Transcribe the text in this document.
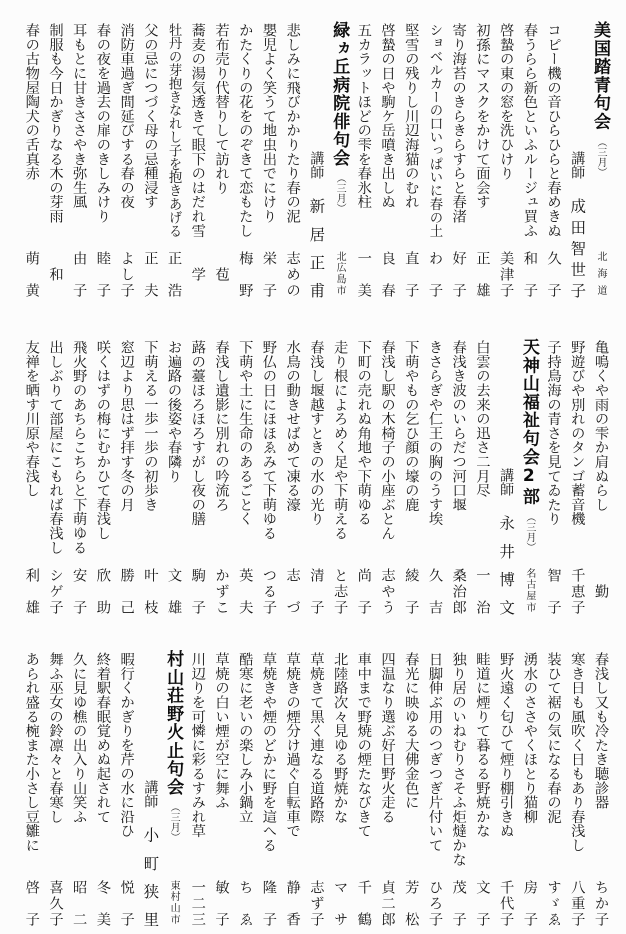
美国踏青句会（三月）
北海道
講師
成田智世子
コピー機の音ひらひらと春めきぬ
久子
春うらら新色といふルージュ買ふ
和子
啓蟄の東の窓を洗ひけり
美津子
初孫にマスクをかけて面会す
正雄
寄り海苔のきらきらすらと春渚
好子
ショベルカーの口いっぱいに春の土
わ子
堅雪の残りし川辺海猫のむれ
直子
啓蟄の日や駒ケ岳噴き出しぬ
良春
五カラットほどの雫を春氷柱
一美
緑ヵ丘病院俳句会（三月）
北広島市
講師
新居正甫
悲しみに飛びかかりたり春の泥
志めの
嬰児よく笑うて地虫出でにけり
栄子
かたくりの花をのぞきて恋もたし
梅野
若布売り代替りして訪れり
苞
蕎麦の湯気透きて眼下のはだれ雪
学
牡丹の芽抱きなれし子を抱きあげる
正浩
父の忌につづく母の忌種浸す
正夫
消防車過ぎ間延びする春の夜
よし子
春の夜を過去の扉のきしみけり
睦子
耳もとに甘きささやき弥生風
由子
制服も今日かぎりなる木の芽雨
和
春の古物屋陶犬の舌真赤
萌黄
亀鳴くや雨の雫か肩ぬらし
勤
野遊びや別れのタンゴ蓄音機
千恵子
子持鳥海の青さを見てゐたり
智子
天神山福祉句会2部（三月）
名古屋市
講師
永井博文
白雲の去来の迅さ二月尽
一治
春浅き波のいらだつ河口堰
桑治郎
きさらぎや仁王の胸のうす埃
久吉
下萌やもの乞ひ顔の壕の鹿
綾子
春浅し駅の木椅子の小座ぶとん
志やう
下町の売れぬ角地や下萌ゆる
尚子
走り根によろめく足や下萌える
と志子
春浅し堰越すときの水の光り
清子
水鳥の動きせばめて凍る濠
志づ
野仏の日にほほゑみて下萌ゆる
つる子
下萌や土に生命のあるごとく
英夫
春浅し遺影に別れの吟流ろ
かずこ
蕗の薹ほろほろすがし夜の膳
駒子
お遍路の後姿や春隣り
文雄
下萌える一歩一歩の初歩き
叶枝
窓辺より思はず拝す冬の月
勝己
咲くはずの梅にむかひて春浅し
欣助
飛火野のあちらこちらと下萌ゆる
安子
出しぶりて部屋にこもれば春浅し
シゲ子
友禅を晒す川原や春浅し
利雄
春浅し又も冷たき聴診器
ちか子
寒き日も風吹く日もあり春浅し
八重子
装ひて裾の気になる春の泥
すゞゑ
湧水のささやくほとり猫柳
房子
野火遠く匂ひて煙り棚引きぬ
千代子
畦道に煙りて暮るる野焼かな
文子
独り居のいねむりさそふ炬燵かな
茂子
日脚伸ぶ用のつぎつぎ片付いて
ひろ子
春光に映ゆる大佛金色に
芳松
四温なり選ぶ好日野火走る
貞二郎
車中まで野焼の煙たなびきて
千鶴
北陸路次々見ゆる野焼かな
マサ
草焼きて黒く連なる道路際
志ず子
草焼きの煙分け過ぐ自転車で
静香
草焼きや煙のどかに野を這へる
隆子
酷寒に老いの楽しみ小鍋立
ちゑ
草焼の白い煙が空に舞ふ
敏子
川辺りを可憐に彩るすみれ草
一二三
村山荘野火止句会（三月）
東村山市
講師
小町狭里
暇行くかぎりを芹の水に沿ひ
悦子
終着駅春眠覚めぬ起されて
冬美
久に見ゆ樵の出入り山笑ふ
昭二
舞ふ巫女の鈴凛々と春寒し
喜久子
あられ盛る椀また小さし豆雛に
啓子
